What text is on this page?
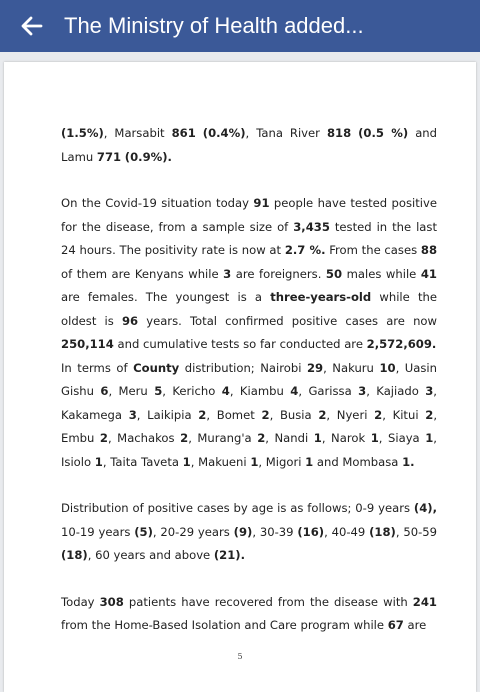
The Ministry of Health added...

(1.5%), Marsabit 861 (0.4%), Tana River 818 (0.5 %) and Lamu 771 (0.9%).

On the Covid-19 situation today 91 people have tested positive for the disease, from a sample size of 3,435 tested in the last 24 hours. The positivity rate is now at 2.7 %. From the cases 88 of them are Kenyans while 3 are foreigners. 50 males while 41 are females. The youngest is a three-years-old while the oldest is 96 years. Total confirmed positive cases are now 250,114 and cumulative tests so far conducted are 2,572,609.

In terms of County distribution; Nairobi 29, Nakuru 10, Uasin Gishu 6, Meru 5, Kericho 4, Kiambu 4, Garissa 3, Kajiado 3, Kakamega 3, Laikipia 2, Bomet 2, Busia 2, Nyeri 2, Kitui 2, Embu 2, Machakos 2, Murang'a 2, Nandi 1, Narok 1, Siaya 1, Isiolo 1, Taita Taveta 1, Makueni 1, Migori 1 and Mombasa 1.

Distribution of positive cases by age is as follows; 0-9 years (4), 10-19 years (5), 20-29 years (9), 30-39 (16), 40-49 (18), 50-59 (18), 60 years and above (21).

Today 308 patients have recovered from the disease with 241 from the Home-Based Isolation and Care program while 67 are

5
